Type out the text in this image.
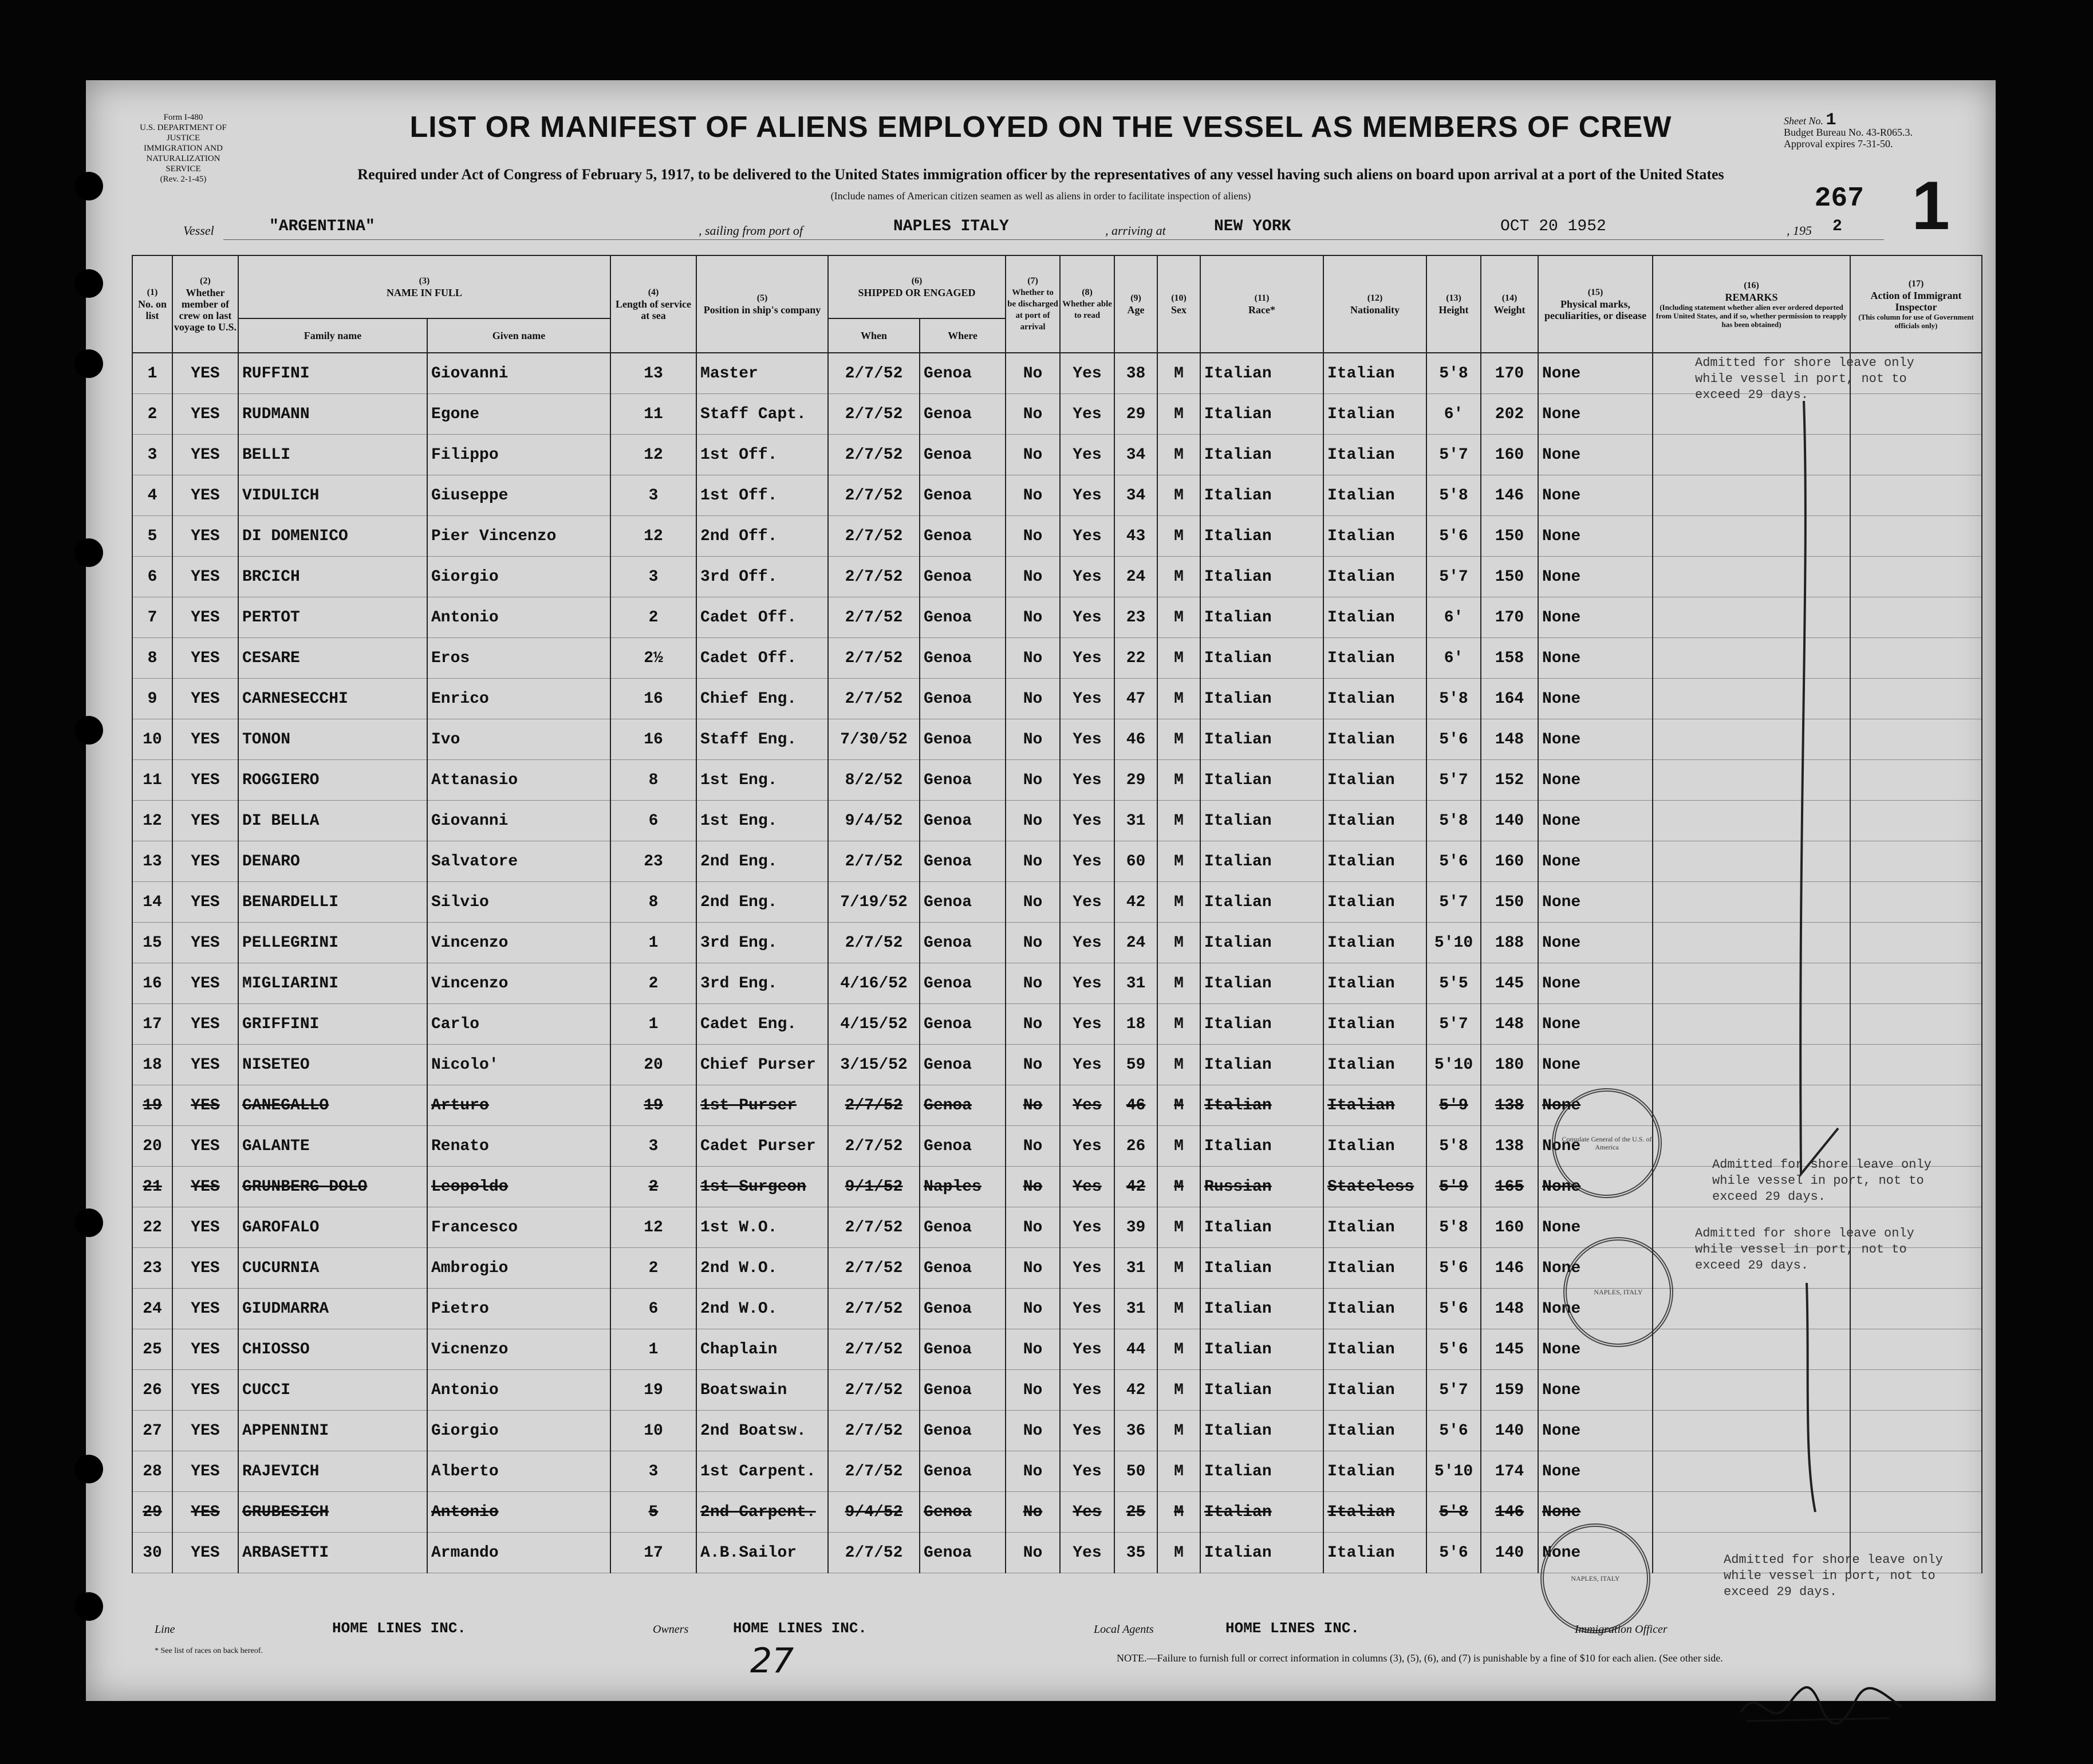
Form I-480
U.S. DEPARTMENT OF JUSTICE
IMMIGRATION AND NATURALIZATION SERVICE
(Rev. 2-1-45)
LIST OR MANIFEST OF ALIENS EMPLOYED ON THE VESSEL AS MEMBERS OF CREW
Required under Act of Congress of February 5, 1917, to be delivered to the United States immigration officer by the representatives of any vessel having such aliens on board upon arrival at a port of the United States
(Include names of American citizen seamen as well as aliens in order to facilitate inspection of aliens)
Sheet No. 1
Budget Bureau No. 43-R065.3.
Approval expires 7-31-50.
267 1
Vessel	"ARGENTINA"	, sailing from port of	NAPLES ITALY	, arriving at	NEW YORK	OCT 20 1952	, 195 2
(1)
No. on list	(2)
Whether member of crew on last voyage to U.S.	(3)
NAME IN FULL		(4)
Length of service at sea	(5)
Position in ship's company	(6)
SHIPPED OR ENGAGED		(7)
Whether to be discharged at port of arrival	(8)
Whether able to read	(9)
Age	(10)
Sex	(11)
Race*	(12)
Nationality	(13)
Height	(14)
Weight	(15)
Physical marks, peculiarities, or disease	(16)
REMARKS
(Including statement whether alien ever ordered deported from United States, and if so, whether permission to reapply has been obtained)	(17)
Action of Immigrant Inspector
(This column for use of Government officials only)

		Family name	Given name			When	Where											
1	YES	RUFFINI	Giovanni	13	Master	2/7/52	Genoa	No	Yes	38	M	Italian	Italian	5'8	170	None		
2	YES	RUDMANN	Egone	11	Staff Capt.	2/7/52	Genoa	No	Yes	29	M	Italian	Italian	6'	202	None		
3	YES	BELLI	Filippo	12	1st Off.	2/7/52	Genoa	No	Yes	34	M	Italian	Italian	5'7	160	None		
4	YES	VIDULICH	Giuseppe	3	1st Off.	2/7/52	Genoa	No	Yes	34	M	Italian	Italian	5'8	146	None		
5	YES	DI DOMENICO	Pier Vincenzo	12	2nd Off.	2/7/52	Genoa	No	Yes	43	M	Italian	Italian	5'6	150	None		
6	YES	BRCICH	Giorgio	3	3rd Off.	2/7/52	Genoa	No	Yes	24	M	Italian	Italian	5'7	150	None		
7	YES	PERTOT	Antonio	2	Cadet Off.	2/7/52	Genoa	No	Yes	23	M	Italian	Italian	6'	170	None		
8	YES	CESARE	Eros	2½	Cadet Off.	2/7/52	Genoa	No	Yes	22	M	Italian	Italian	6'	158	None		
9	YES	CARNESECCHI	Enrico	16	Chief Eng.	2/7/52	Genoa	No	Yes	47	M	Italian	Italian	5'8	164	None		
10	YES	TONON	Ivo	16	Staff Eng.	7/30/52	Genoa	No	Yes	46	M	Italian	Italian	5'6	148	None		
11	YES	ROGGIERO	Attanasio	8	1st Eng.	8/2/52	Genoa	No	Yes	29	M	Italian	Italian	5'7	152	None		
12	YES	DI BELLA	Giovanni	6	1st Eng.	9/4/52	Genoa	No	Yes	31	M	Italian	Italian	5'8	140	None		
13	YES	DENARO	Salvatore	23	2nd Eng.	2/7/52	Genoa	No	Yes	60	M	Italian	Italian	5'6	160	None		
14	YES	BENARDELLI	Silvio	8	2nd Eng.	7/19/52	Genoa	No	Yes	42	M	Italian	Italian	5'7	150	None		
15	YES	PELLEGRINI	Vincenzo	1	3rd Eng.	2/7/52	Genoa	No	Yes	24	M	Italian	Italian	5'10	188	None		
16	YES	MIGLIARINI	Vincenzo	2	3rd Eng.	4/16/52	Genoa	No	Yes	31	M	Italian	Italian	5'5	145	None		
17	YES	GRIFFINI	Carlo	1	Cadet Eng.	4/15/52	Genoa	No	Yes	18	M	Italian	Italian	5'7	148	None		
18	YES	NISETEO	Nicolo'	20	Chief Purser	3/15/52	Genoa	No	Yes	59	M	Italian	Italian	5'10	180	None		
19	YES	CANEGALLO	Arturo	19	1st Purser	2/7/52	Genoa	No	Yes	46	M	Italian	Italian	5'9	138	None		
20	YES	GALANTE	Renato	3	Cadet Purser	2/7/52	Genoa	No	Yes	26	M	Italian	Italian	5'8	138	None		
21	YES	GRUNBERG DOLO	Leopoldo	2	1st Surgeon	9/1/52	Naples	No	Yes	42	M	Russian	Stateless	5'9	165	None		
22	YES	GAROFALO	Francesco	12	1st W.O.	2/7/52	Genoa	No	Yes	39	M	Italian	Italian	5'8	160	None		
23	YES	CUCURNIA	Ambrogio	2	2nd W.O.	2/7/52	Genoa	No	Yes	31	M	Italian	Italian	5'6	146	None		
24	YES	GIUDMARRA	Pietro	6	2nd W.O.	2/7/52	Genoa	No	Yes	31	M	Italian	Italian	5'6	148	None		
25	YES	CHIOSSO	Vicnenzo	1	Chaplain	2/7/52	Genoa	No	Yes	44	M	Italian	Italian	5'6	145	None		
26	YES	CUCCI	Antonio	19	Boatswain	2/7/52	Genoa	No	Yes	42	M	Italian	Italian	5'7	159	None		
27	YES	APPENNINI	Giorgio	10	2nd Boatsw.	2/7/52	Genoa	No	Yes	36	M	Italian	Italian	5'6	140	None		
28	YES	RAJEVICH	Alberto	3	1st Carpent.	2/7/52	Genoa	No	Yes	50	M	Italian	Italian	5'10	174	None		
29	YES	GRUBESICH	Antonio	5	2nd Carpent.	9/4/52	Genoa	No	Yes	25	M	Italian	Italian	5'8	146	None		
30	YES	ARBASETTI	Armando	17	A.B.Sailor	2/7/52	Genoa	No	Yes	35	M	Italian	Italian	5'6	140	None		
Admitted for shore leave only
while vessel in port, not to
exceed 29 days.
Admitted for shore leave only
while vessel in port, not to
exceed 29 days.
Admitted for shore leave only
while vessel in port, not to
exceed 29 days.
Admitted for shore leave only
while vessel in port, not to
exceed 29 days.
Consulate General of the U.S. of America
NAPLES, ITALY
NAPLES, ITALY
Line	HOME LINES INC.	Owners	HOME LINES INC.	Local Agents	HOME LINES INC.	Immigration Officer
* See list of races on back hereof.	27	NOTE.—Failure to furnish full or correct information in columns (3), (5), (6), and (7) is punishable by a fine of $10 for each alien. (See other side.
